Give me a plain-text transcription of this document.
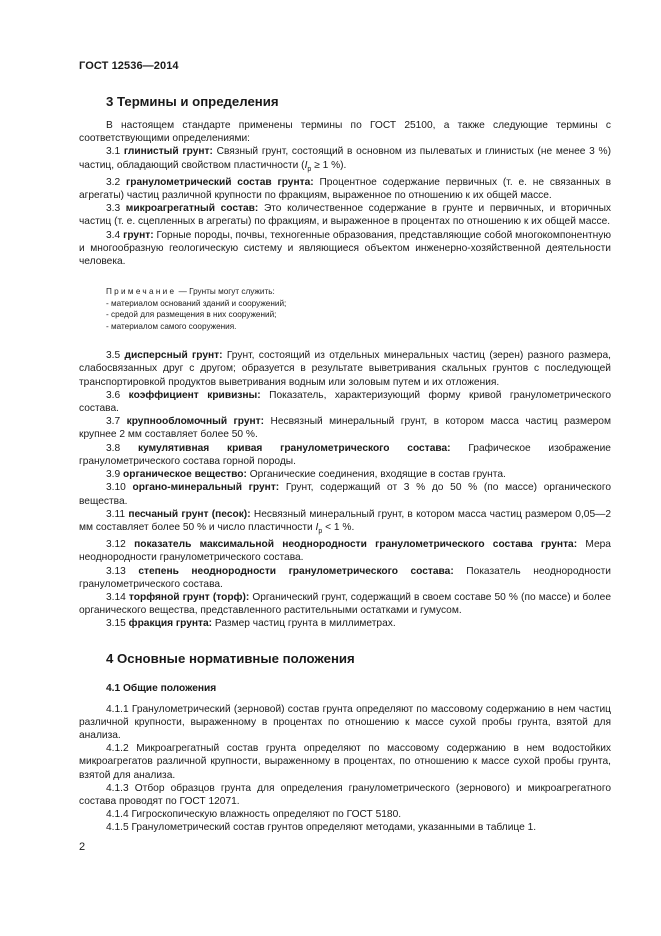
ГОСТ 12536—2014
3 Термины и определения

В настоящем стандарте применены термины по ГОСТ 25100, а также следующие термины с соответствующими определениями:

3.1 глинистый грунт: Связный грунт, состоящий в основном из пылеватых и глинистых (не менее 3 %) частиц, обладающий свойством пластичности ($I_p \ge 1$ %).

3.2 гранулометрический состав грунта: Процентное содержание первичных (т. е. не связанных в агрегаты) частиц различной крупности по фракциям, выраженное по отношению к их общей массе.

3.3 микроагрегатный состав: Это количественное содержание в грунте и первичных, и вторичных частиц (т. е. сцепленных в агрегаты) по фракциям, и выраженное в процентах по отношению к их общей массе.

3.4 грунт: Горные породы, почвы, техногенные образования, представляющие собой многокомпонентную и многообразную геологическую систему и являющиеся объектом инженерно-хозяйственной деятельности человека.

Примечание — Грунты могут служить:
- материалом оснований зданий и сооружений;
- средой для размещения в них сооружений;
- материалом самого сооружения.

3.5 дисперсный грунт: Грунт, состоящий из отдельных минеральных частиц (зерен) разного размера, слабосвязанных друг с другом; образуется в результате выветривания скальных грунтов с последующей транспортировкой продуктов выветривания водным или золовым путем и их отложения.

3.6 коэффициент кривизны: Показатель, характеризующий форму кривой гранулометрического состава.

3.7 крупнообломочный грунт: Несвязный минеральный грунт, в котором масса частиц размером крупнее 2 мм составляет более 50 %.

3.8 кумулятивная кривая гранулометрического состава: Графическое изображение гранулометрического состава горной породы.

3.9 органическое вещество: Органические соединения, входящие в состав грунта.

3.10 органо-минеральный грунт: Грунт, содержащий от 3 % до 50 % (по массе) органического вещества.

3.11 песчаный грунт (песок): Несвязный минеральный грунт, в котором масса частиц размером 0,05—2 мм составляет более 50 % и число пластичности $I_p < 1$ %.

3.12 показатель максимальной неоднородности гранулометрического состава грунта: Мера неоднородности гранулометрического состава.

3.13 степень неоднородности гранулометрического состава: Показатель неоднородности гранулометрического состава.

3.14 торфяной грунт (торф): Органический грунт, содержащий в своем составе 50 % (по массе) и более органического вещества, представленного растительными остатками и гумусом.

3.15 фракция грунта: Размер частиц грунта в миллиметрах.

4 Основные нормативные положения
4.1 Общие положения

4.1.1 Гранулометрический (зерновой) состав грунта определяют по массовому содержанию в нем частиц различной крупности, выраженному в процентах по отношению к массе сухой пробы грунта, взятой для анализа.

4.1.2 Микроагрегатный состав грунта определяют по массовому содержанию в нем водостойких микроагрегатов различной крупности, выраженному в процентах, по отношению к массе сухой пробы грунта, взятой для анализа.

4.1.3 Отбор образцов грунта для определения гранулометрического (зернового) и микроагрегатного состава проводят по ГОСТ 12071.

4.1.4 Гигроскопическую влажность определяют по ГОСТ 5180.

4.1.5 Гранулометрический состав грунтов определяют методами, указанными в таблице 1.

2
